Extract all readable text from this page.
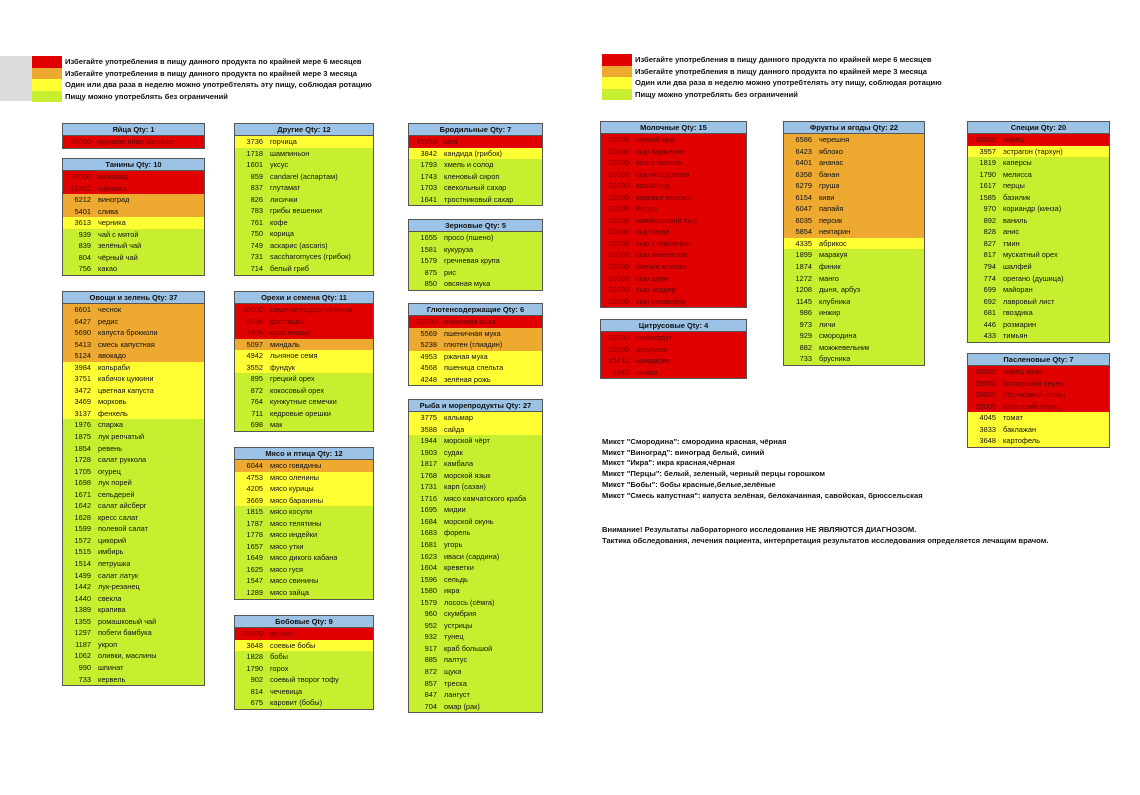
Избегайте употребления в пищу данного продукта по крайней мере 6 месяцев
Избегайте употребления в пищу данного продукта по крайней мере 3 месяца
Один или два раза в неделю можно употребтелять эту пищу, соблюдая ротацию
Пищу можно употреблять без ограничений
Избегайте употребления в пищу данного продукта по крайней мере 6 месяцев
Избегайте употребления в пищу данного продукта по крайней мере 3 месяца
Один или два раза в неделю можно употребтелять эту пищу, соблюдая ротацию
Пищу можно употреблять без ограничений
Яйца Qty: 1
20000 куриное яйцо цельное
Танины Qty: 10
20000 шоколад
12432 ежевика
6212 виноград
5401 слива
3613 черника
939 чай с мятой
839 зелёный чай
804 чёрный чай
756 какао
Овощи и зелень Qty: 37
6601 чеснок
6427 редис
5690 капуста брокколи
5413 смесь капустная
5124 авокадо
3984 кольраби
3751 кабачок цуккини
3472 цветная капуста
3469 морковь
3137 фенхель
1976 спаржа
1875 лук репчатый
1854 ревень
1728 салат руккола
1705 огурец
1698 лук порей
1671 сельдерей
1642 салат айсберг
1628 кресс салат
1599 полевой салат
1572 цикорий
1515 имбирь
1514 петрушка
1499 салат латук
1442 лук-резанец
1440 свекла
1389 крапива
1355 ромашковый чай
1297 побеги бамбука
1187 укроп
1062 оливки, маслины
990 шпинат
733 кервель
Другие Qty: 12
3736 горчица
1718 шампиньон
1601 уксус
859 candarel (аспартам)
837 глутамат
826 лисички
783 грибы вешенки
761 кофе
750 корица
749 аскарис (ascaris)
731 saccharomyces (грибок)
714 белый гриб
Орехи и семена Qty: 11
20000 семечки подсолнечника
8794 фисташки
7458 орех кешью
5097 миндаль
4942 льняное семя
3552 фундук
895 грецкий орех
872 кокосовый орех
764 кунжутные семечки
711 кедровые орешки
698 мак
Мясо и птица Qty: 12
6044 мясо говядины
4753 мясо оленины
4205 мясо курицы
3669 мясо баранины
1815 мясо косули
1787 мясо телятины
1778 мясо индейки
1657 мясо утки
1649 мясо дикого кабана
1625 мясо гуся
1547 мясо свинины
1289 мясо зайца
Бобовые Qty: 9
20000 арахис
3648 соевые бобы
1828 бобы
1790 горох
902 соевый творог тофу
814 чечевица
675 каровит (бобы)
Бродильные Qty: 7
15963 мёд
3842 кандида (грибок)
1793 хмель и солод
1743 кленовый сироп
1703 свекольный сахар
1641 тростниковый сахар
Зерновые Qty: 5
1655 просо (пшено)
1581 кукуруза
1579 гречневая крупа
875 рис
850 овсяная мука
Глютенсодержащие Qty: 6
20000 ячменная мука
5569 пшеничная мука
5238 глютен (глиадин)
4953 ржаная мука
4568 пшеница спельта
4248 зелёная рожь
Рыба и морепродукты Qty: 27
3775 кальмар
3588 сайда
1944 морской чёрт
1903 судак
1817 камбала
1768 морской язык
1731 карп (сазан)
1716 мясо камчатского краба
1695 мидии
1684 морской окунь
1683 форель
1681 угорь
1623 иваси (сардина)
1604 креветки
1596 сельдь
1580 икра
1579 лосось (сёмга)
960 скумбрия
952 устрицы
932 тунец
917 краб большой
885 палтус
872 щука
857 треска
847 лангуст
704 омар (рак)
Молочные Qty: 15
20000 овечий сыр
20000 сыр пармезан
20000 козье молоко
20000 сыр моцарелла
20000 козий сыр
20000 коровье молоко
20000 йогурт
20000 швейцарский сыр
20000 сыр гауда
20000 сыр с плесенью
20000 сыр эмменталь
20000 овечье молоко
20000 сыр эдам
20000 сыр чеддер
20000 сыр камамбер
Цитрусовые Qty: 4
20000 грейпфрут
20000 апельсин
15741 мандарин
8347 лимон
Фрукты и ягоды Qty: 22
6586 черешня
6423 яблоко
6401 ананас
6358 банан
6279 груша
6154 киви
6047 папайя
6035 персик
5854 нектарин
4335 абрикос
1899 маракуя
1874 финик
1272 манго
1208 дыня, арбуз
1145 клубника
986 инжир
973 личи
929 смородина
882 можжевельник
733 брусника
Специи Qty: 20
20000 перец
3957 эстрагон (тархун)
1819 каперсы
1790 мелисса
1617 перцы
1585 базилик
970 кориандр (кинза)
892 ваниль
828 анис
827 тмин
817 мускатный орех
794 шалфей
774 орегано (душица)
699 майоран
692 лавровый лист
681 гвоздика
446 розмарин
433 тимьян
Пасленовые Qty: 7
20000 перец чили
20000 болгарский перец
20000 стручковый перец
20000 кайенский перец
4045 томат
3833 баклажан
3648 картофель
Микст "Смородина": смородина красная, чёрная
Микст "Виноград": виноград белый, синий
Микст "Икра": икра красная,чёрная
Микст "Перцы": белый, зеленый, черный перцы горошком
Микст "Бобы": бобы красные,белые,зелёные
Микст "Смесь капустная": капуста зелёная, белокачанная, савойская, брюссельская
Внимание! Результаты лабораторного исследования НЕ ЯВЛЯЮТСЯ ДИАГНОЗОМ.
Тактика обследования, лечения пациента, интерпретация результатов исследования определяется лечащим врачом.
